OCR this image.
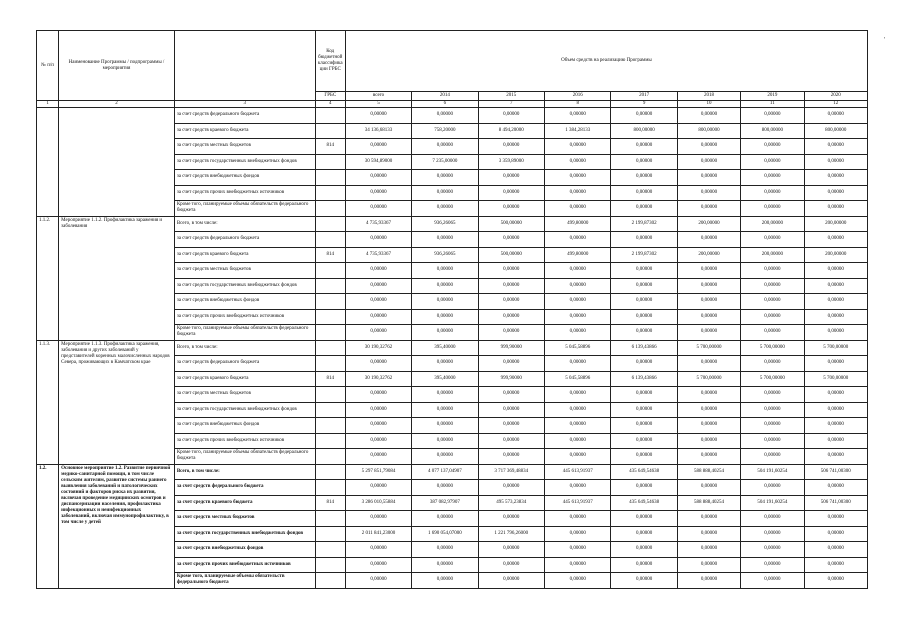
'
№ п/п	Наименование Программы / подпрограммы / мероприятия		Код бюджетной классификации ГРБС	Объем средств на реализацию Программы							
			ГРБС	всего	2014	2015	2016	2017	2018	2019	2020
1	2	3	4	5	6	7	8	9	10	11	12
		за счет средств федерального бюджета		0,00000	0,00000	0,00000	0,00000	0,00000	0,00000	0,00000	0,00000
		за счет средств краевого бюджета		34 136,68133	758,20000	8 494,20000	1 384,28133	800,00000	800,00000	800,00000	800,00000
		за счет средств местных бюджетов	814	0,00000	0,00000	0,00000	0,00000	0,00000	0,00000	0,00000	0,00000
		за счет средств государственных внебюджетных фондов		30 594,89000	7 235,00000	3 359,89000	0,00000	0,00000	0,00000	0,00000	0,00000
		за счет средств внебюджетных фондов		0,00000	0,00000	0,00000	0,00000	0,00000	0,00000	0,00000	0,00000
		за счет средств прочих внебюджетных источников		0,00000	0,00000	0,00000	0,00000	0,00000	0,00000	0,00000	0,00000
		Кроме того, планируемые объемы обязательств федерального бюджета		0,00000	0,00000	0,00000	0,00000	0,00000	0,00000	0,00000	0,00000
1.1.2.	Мероприятие 1.1.2. Профилактика заражения и заболевания	Всего, в том числе:		4 735,93367	936,26065	500,00000	499,80000	2 199,87302	200,00000	200,00000	200,00000
		за счет средств федерального бюджета		0,00000	0,00000	0,00000	0,00000	0,00000	0,00000	0,00000	0,00000
		за счет средств краевого бюджета	814	4 735,93367	936,26065	500,00000	499,80000	2 199,87302	200,00000	200,00000	200,00000
		за счет средств местных бюджетов		0,00000	0,00000	0,00000	0,00000	0,00000	0,00000	0,00000	0,00000
		за счет средств государственных внебюджетных фондов		0,00000	0,00000	0,00000	0,00000	0,00000	0,00000	0,00000	0,00000
		за счет средств внебюджетных фондов		0,00000	0,00000	0,00000	0,00000	0,00000	0,00000	0,00000	0,00000
		за счет средств прочих внебюджетных источников		0,00000	0,00000	0,00000	0,00000	0,00000	0,00000	0,00000	0,00000
		Кроме того, планируемые объемы обязательств федерального бюджета		0,00000	0,00000	0,00000	0,00000	0,00000	0,00000	0,00000	0,00000
1.1.3.	Мероприятие 1.1.3. Профилактика заражения, заболевания и других заболеваний у представителей коренных малочисленных народов Севера, проживающих в Камчатском крае	Всего, в том числе:		30 190,32762	395,40000	999,90000	5 045,58896	6 139,43866	5 700,00000	5 700,00000	5 700,00000
		за счет средств федерального бюджета		0,00000	0,00000	0,00000	0,00000	0,00000	0,00000	0,00000	0,00000
		за счет средств краевого бюджета	814	30 190,32762	395,40000	999,90000	5 045,58896	6 139,43866	5 700,00000	5 700,00000	5 700,00000
		за счет средств местных бюджетов		0,00000	0,00000	0,00000	0,00000	0,00000	0,00000	0,00000	0,00000
		за счет средств государственных внебюджетных фондов		0,00000	0,00000	0,00000	0,00000	0,00000	0,00000	0,00000	0,00000
		за счет средств внебюджетных фондов		0,00000	0,00000	0,00000	0,00000	0,00000	0,00000	0,00000	0,00000
		за счет средств прочих внебюджетных источников		0,00000	0,00000	0,00000	0,00000	0,00000	0,00000	0,00000	0,00000
		Кроме того, планируемые объемы обязательств федерального бюджета		0,00000	0,00000	0,00000	0,00000	0,00000	0,00000	0,00000	0,00000
1.2.	Основное мероприятие 1.2. Развитие первичной медико-санитарной помощи, в том числе сельским жителям, развитие системы раннего выявления заболеваний и патологических состояний и факторов риска их развития, включая проведение медицинских осмотров и диспансеризации населения, профилактика инфекционных и неинфекционных заболеваний, включая иммунопрофилактику, в том числе у детей	Всего, в том числе:		5 297 851,79084	4 077 137,04907	3 717 369,48834	445 613,91937	435 649,54638	588 888,40254	504 191,60254	506 741,00300
		за счет средств федерального бюджета		0,00000	0,00000	0,00000	0,00000	0,00000	0,00000	0,00000	0,00000
		за счет средств краевого бюджета	814	3 286 010,55884	387 082,97907	495 573,23834	445 613,91937	435 649,54638	588 888,40254	504 191,60254	506 741,00300
		за счет средств местных бюджетов		0,00000	0,00000	0,00000	0,00000	0,00000	0,00000	0,00000	0,00000
		за счет средств государственных внебюджетных фондов		2 011 841,23000	1 690 054,07000	1 221 796,26000	0,00000	0,00000	0,00000	0,00000	0,00000
		за счет средств внебюджетных фондов		0,00000	0,00000	0,00000	0,00000	0,00000	0,00000	0,00000	0,00000
		за счет средств прочих внебюджетных источников		0,00000	0,00000	0,00000	0,00000	0,00000	0,00000	0,00000	0,00000
		Кроме того, планируемые объемы обязательств федерального бюджета		0,00000	0,00000	0,00000	0,00000	0,00000	0,00000	0,00000	0,00000
